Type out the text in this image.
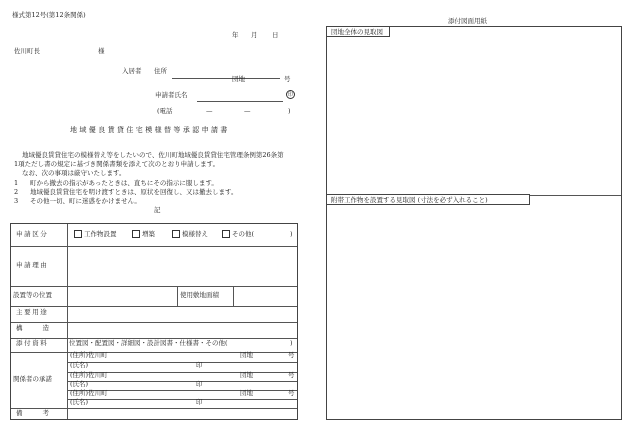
様式第12号(第12条関係)
年 月 日
佐川町長	様
入居者 住所
団地	号
申請者氏名	印
(電話	—	—	)
地域優良賃貸住宅模様替等承認申請書
地域優良賃貸住宅の模様替え等をしたいので、佐川町地域優良賃貸住宅管理条例第26条第
1項ただし書の規定に基づき関係書類を添えて次のとおり申請します。
なお、次の事項は厳守いたします。
1 町から撤去の指示があったときは、直ちにその指示に服します。
2 地域優良賃貸住宅を明け渡すときは、原状を回復し、又は撤去します。
3 その他一切、町に迷惑をかけません。
記
申請区分	工作物設置	増築	模様替え	その他(	)
申請理由
設置等の位置	使用敷地面積
主要用途
構造
添付資料	位置図・配置図・詳細図・設計図書・仕様書・その他(	)
関係者の承諾
(住所)佐川町	団地	号
(氏名)	印
(住所)佐川町	団地	号
(氏名)	印
(住所)佐川町	団地	号
(氏名)	印
備考
添付図面用紙
団地全体の見取図
附帯工作物を設置する見取図 (寸法を必ず入れること)
